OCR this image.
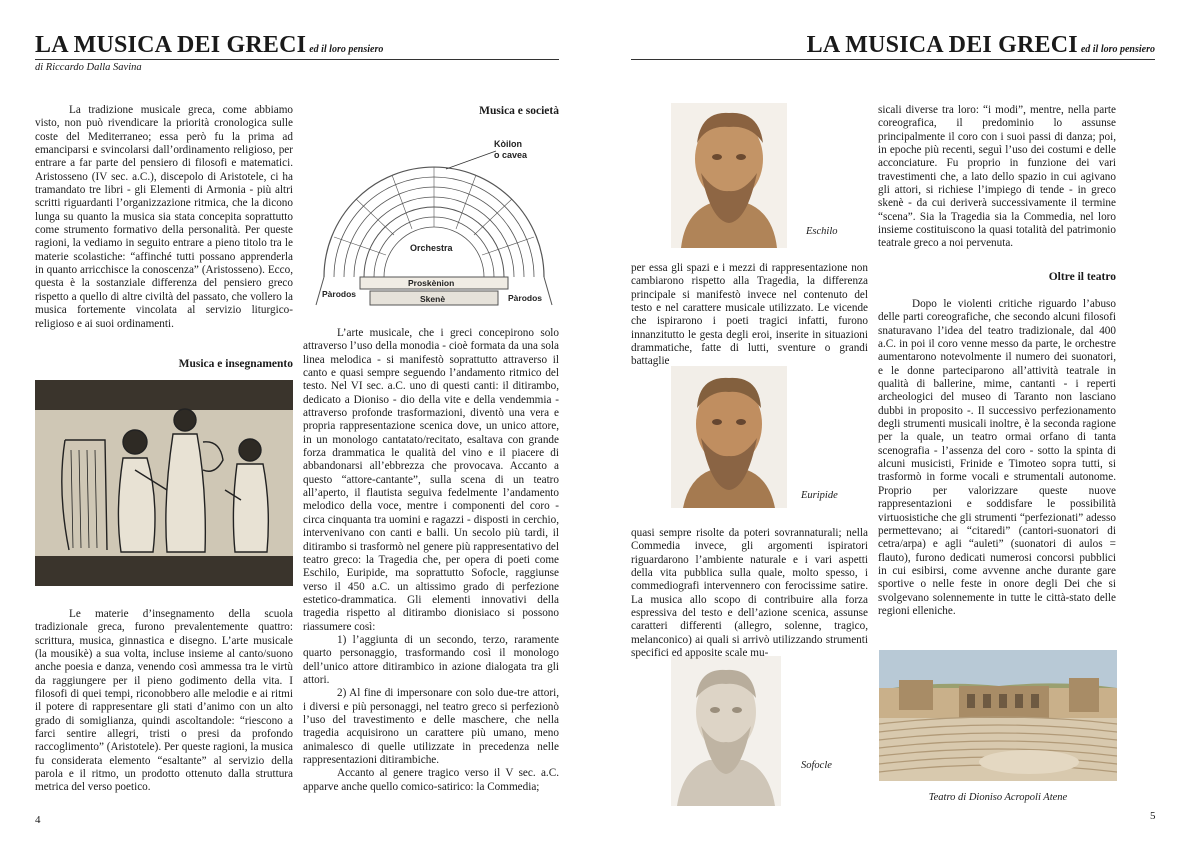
LA MUSICA DEI GRECI ed il loro pensiero
di Riccardo Dalla Savina

La tradizione musicale greca, come abbiamo visto, non può rivendicare la priorità cronologica sulle coste del Mediterraneo; essa però fu la prima ad emanciparsi e svincolarsi dall’ordinamento religioso, per entrare a far parte del pensiero di filosofi e matematici. Aristosseno (IV sec. a.C.), discepolo di Aristotele, ci ha tramandato tre libri - gli Elementi di Armonia - più altri scritti riguardanti l’organizzazione ritmica, che la dicono lunga su quanto la musica sia stata concepita soprattutto come strumento formativo della personalità. Per queste ragioni, la vediamo in seguito entrare a pieno titolo tra le materie scolastiche: “affinché tutti possano apprenderla in quanto arricchisce la conoscenza” (Aristosseno). Ecco, questa è la sostanziale differenza del pensiero greco rispetto a quello di altre civiltà del passato, che vollero la musica fortemente vincolata al servizio liturgico-religioso e ai suoi ordinamenti.

Musica e insegnamento

Le materie d’insegnamento della scuola tradizionale greca, furono prevalentemente quattro: scrittura, musica, ginnastica e disegno. L’arte musicale (la mousikè) a sua volta, incluse insieme al canto/suono anche poesia e danza, venendo così ammessa tra le virtù da raggiungere per il pieno godimento della vita. I filosofi di quei tempi, riconobbero alle melodie e ai ritmi il potere di rappresentare gli stati d’animo con un alto grado di somiglianza, quindi ascoltandole: “riescono a farci sentire allegri, tristi o presi da profondo raccoglimento” (Aristotele). Per queste ragioni, la musica fu considerata elemento “esaltante” al servizio della parola e il ritmo, un prodotto ottenuto dalla struttura metrica del verso poetico.

Musica e società
Kòilon
o cavea
Orchestra
Proskènion
Pàrodos	Pàrodos
Skenè

L’arte musicale, che i greci concepirono solo attraverso l’uso della monodia - cioè formata da una sola linea melodica - si manifestò soprattutto attraverso il canto e quasi sempre seguendo l’andamento ritmico del testo. Nel VI sec. a.C. uno di questi canti: il ditirambo, dedicato a Dioniso - dio della vite e della vendemmia - attraverso profonde trasformazioni, diventò una vera e propria rappresentazione scenica dove, un unico attore, in un monologo cantatato/recitato, esaltava con grande forza drammatica le qualità del vino e il piacere di abbandonarsi all’ebbrezza che provocava. Accanto a questo “attore-cantante”, sulla scena di un teatro all’aperto, il flautista seguiva fedelmente l’andamento melodico della voce, mentre i componenti del coro - circa cinquanta tra uomini e ragazzi - disposti in cerchio, intervenivano con canti e balli. Un secolo più tardi, il ditirambo si trasformò nel genere più rappresentativo del teatro greco: la Tragedia che, per opera di poeti come Eschilo, Euripide, ma soprattutto Sofocle, raggiunse verso il 450 a.C. un altissimo grado di perfezione estetico-drammatica. Gli elementi innovativi della tragedia rispetto al ditirambo dionisiaco si possono riassumere così:

1) l’aggiunta di un secondo, terzo, raramente quarto personaggio, trasformando così il monologo dell’unico attore ditirambico in azione dialogata tra gli attori.

2) Al fine di impersonare con solo due-tre attori, i diversi e più personaggi, nel teatro greco si perfezionò l’uso del travestimento e delle maschere, che nella tragedia acquisirono un carattere più umano, meno animalesco di quelle utilizzate in precedenza nelle rappresentazioni ditirambiche.

Accanto al genere tragico verso il V sec. a.C. apparve anche quello comico-satirico: la Commedia;

4
LA MUSICA DEI GRECI ed il loro pensiero
Eschilo
Euripide
Sofocle

per essa gli spazi e i mezzi di rappresentazione non cambiarono rispetto alla Tragedia, la differenza principale si manifestò invece nel contenuto del testo e nel carattere musicale utilizzato. Le vicende che ispirarono i poeti tragici infatti, furono innanzitutto le gesta degli eroi, inserite in situazioni drammatiche, fatte di lutti, sventure o grandi battaglie

quasi sempre risolte da poteri sovrannaturali; nella Commedia invece, gli argomenti ispiratori riguardarono l’ambiente naturale e i vari aspetti della vita pubblica sulla quale, molto spesso, i commediografi intervennero con ferocissime satire. La musica allo scopo di contribuire alla forza espressiva del testo e dell’azione scenica, assunse caratteri differenti (allegro, solenne, tragico, melanconico) ai quali si arrivò utilizzando strumenti specifici ed apposite scale mu-

sicali diverse tra loro: “i modi”, mentre, nella parte coreografica, il predominio lo assunse principalmente il coro con i suoi passi di danza; poi, in epoche più recenti, seguì l’uso dei costumi e delle acconciature. Fu proprio in funzione dei vari travestimenti che, a lato dello spazio in cui agivano gli attori, si richiese l’impiego di tende - in greco skenè - da cui deriverà successivamente il termine “scena”. Sia la Tragedia sia la Commedia, nel loro insieme costituiscono la quasi totalità del patrimonio teatrale greco a noi pervenuta.

Oltre il teatro

Dopo le violenti critiche riguardo l’abuso delle parti coreografiche, che secondo alcuni filosofi snaturavano l’idea del teatro tradizionale, dal 400 a.C. in poi il coro venne messo da parte, le orchestre aumentarono notevolmente il numero dei suonatori, e le donne parteciparono all’attività teatrale in qualità di ballerine, mime, cantanti - i reperti archeologici del museo di Taranto non lasciano dubbi in proposito -. Il successivo perfezionamento degli strumenti musicali inoltre, è la seconda ragione per la quale, un teatro ormai orfano di tanta scenografia - l’assenza del coro - sotto la spinta di alcuni musicisti, Frinide e Timoteo sopra tutti, si trasformò in forme vocali e strumentali autonome. Proprio per valorizzare queste nuove rappresentazioni e soddisfare le possibilità virtuosistiche che gli strumenti “perfezionati” adesso permettevano; ai “citaredi” (cantori-suonatori di cetra/arpa) e agli “auleti” (suonatori di aulos = flauto), furono dedicati numerosi concorsi pubblici in cui esibirsi, come avvenne anche durante gare sportive o nelle feste in onore degli Dei che si svolgevano solennemente in tutte le città-stato delle regioni elleniche.

Teatro di Dioniso Acropoli Atene
5
